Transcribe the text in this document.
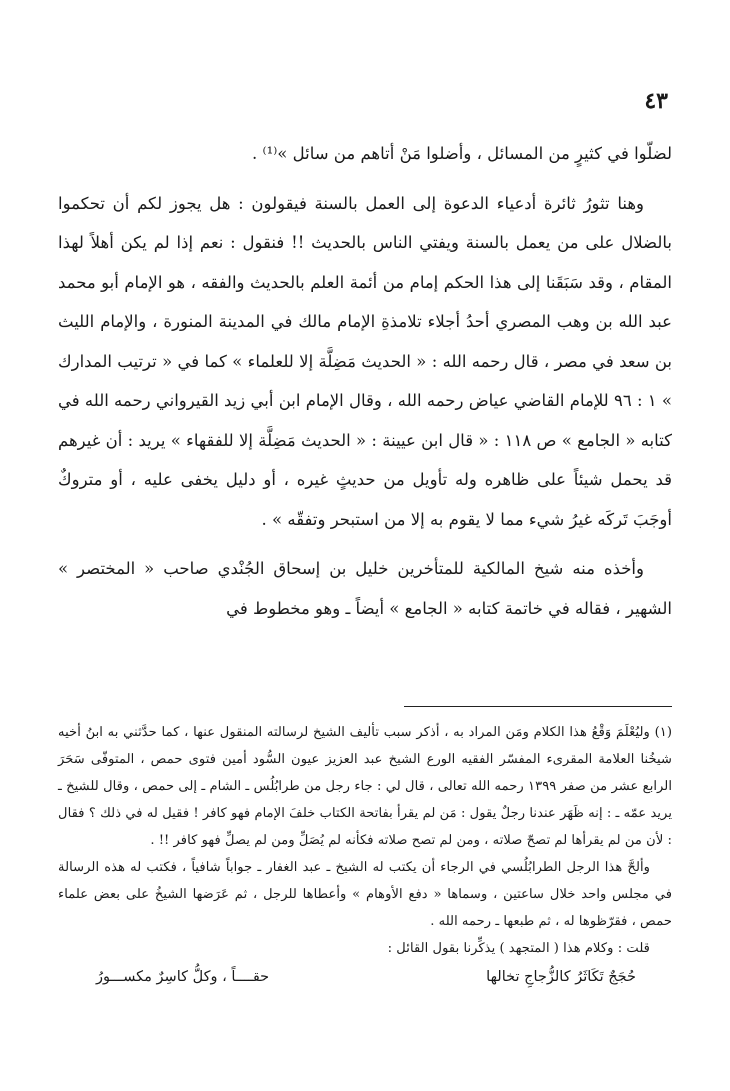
٤٣

لضلّوا في كثيرٍ من المسائل ، وأضلوا مَنْ أتاهم من سائل »⁽¹⁾ .

وهنا تثورُ ثائرة أدعياء الدعوة إلى العمل بالسنة فيقولون : هل يجوز لكم أن تحكموا بالضلال على من يعمل بالسنة ويفتي الناس بالحديث !! فنقول : نعم إذا لم يكن أهلاً لهذا المقام ، وقد سَبَقَنا إلى هذا الحكم إمام من أئمة العلم بالحديث والفقه ، هو الإمام أبو محمد عبد الله بن وهب المصري أحدُ أجلاء تلامذةِ الإمام مالك في المدينة المنورة ، والإمام الليث بن سعد في مصر ، قال رحمه الله : « الحديث مَضِلَّة إلا للعلماء » كما في « ترتيب المدارك » ١ : ٩٦ للإمام القاضي عياض رحمه الله ، وقال الإمام ابن أبي زيد القيرواني رحمه الله في كتابه « الجامع » ص ١١٨ : « قال ابن عيينة : « الحديث مَضِلَّة إلا للفقهاء » يريد : أن غيرهم قد يحمل شيئاً على ظاهره وله تأويل من حديثٍ غيره ، أو دليل يخفى عليه ، أو متروكٌ أوجَبَ تَركَه غيرُ شيء مما لا يقوم به إلا من استبحر وتفقّه » .

وأخذه منه شيخ المالكية للمتأخرين خليل بن إسحاق الجُنْدي صاحب « المختصر » الشهير ، فقاله في خاتمة كتابه « الجامع » أيضاً ـ وهو مخطوط في

(١) وليُعْلَمَ وَقْعُ هذا الكلام ومَن المراد به ، أذكر سبب تأليف الشيخ لرسالته المنقول عنها ، كما حدَّثني به ابنُ أخيه شيخُنا العلامة المقرىء المفسّر الفقيه الورع الشيخ عبد العزيز عيون السُّود أمين فتوى حمص ، المتوفّى سَحَرَ الرابع عشر من صفر ١٣٩٩ رحمه الله تعالى ، قال لي : جاء رجل من طرابُلُس ـ الشام ـ إلى حمص ، وقال للشيخ ـ يريد عمّه ـ : إنه ظَهَر عندنا رجلٌ يقول : مَن لم يقرأ بفاتحة الكتاب خلفَ الإمام فهو كافر ! فقيل له في ذلك ؟ فقال : لأن من لم يقرأها لم تصحّ صلاته ، ومن لم تصح صلاته فكأنه لم يُصَلِّ ومن لم يصلِّ فهو كافر !! .

وألحَّ هذا الرجل الطرابُلُسي في الرجاء أن يكتب له الشيخ ـ عبد الغفار ـ جواباً شافياً ، فكتب له هذه الرسالة في مجلس واحد خلال ساعتين ، وسماها « دفع الأوهام » وأعطاها للرجل ، ثم عَرَضها الشيخُ على بعض علماء حمص ، فقرّظوها له ، ثم طبعها ـ رحمه الله .

قلت : وكلام هذا ( المتجهد ) يذكِّرنا بقول القائل :

حُجَجٌ تَكَاثَرُ كالزُّجاجِ تخالها
حقــــاً ، وكلُّ كاسِرٌ مكســـورُ
